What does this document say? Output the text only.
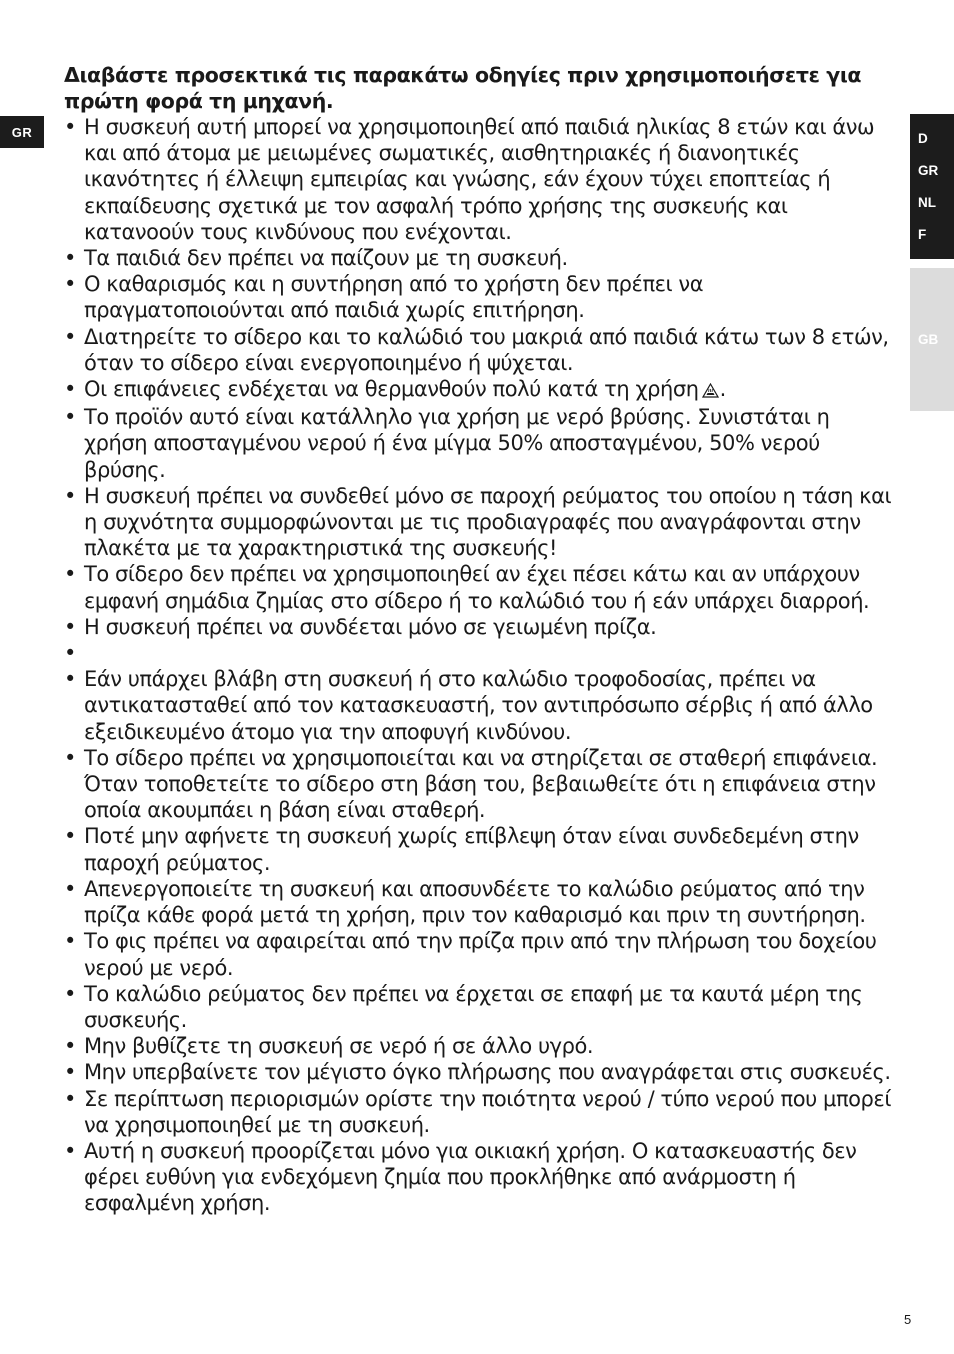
GR	D
GR
NL
F
GB
Διαβάστε προσεκτικά τις παρακάτω οδηγίες πριν χρησιμοποιήσετε για πρώτη φορά τη μηχανή.
• Η συσκευή αυτή μπορεί να χρησιμοποιηθεί από παιδιά ηλικίας 8 ετών και άνω και από άτομα με μειωμένες σωματικές, αισθητηριακές ή διανοητικές ικανότητες ή έλλειψη εμπειρίας και γνώσης, εάν έχουν τύχει εποπτείας ή εκπαίδευσης σχετικά με τον ασφαλή τρόπο χρήσης της συσκευής και κατανοούν τους κινδύνους που ενέχονται.
• Τα παιδιά δεν πρέπει να παίζουν με τη συσκευή.
• Ο καθαρισμός και η συντήρηση από το χρήστη δεν πρέπει να πραγματοποιούνται από παιδιά χωρίς επιτήρηση.
• Διατηρείτε το σίδερο και το καλώδιό του μακριά από παιδιά κάτω των 8 ετών, όταν το σίδερο είναι ενεργοποιημένο ή ψύχεται.
• Οι επιφάνειες ενδέχεται να θερμανθούν πολύ κατά τη χρήση .
• Το προϊόν αυτό είναι κατάλληλο για χρήση με νερό βρύσης. Συνιστάται η χρήση αποσταγμένου νερού ή ένα μίγμα 50% αποσταγμένου, 50% νερού βρύσης.
• Η συσκευή πρέπει να συνδεθεί μόνο σε παροχή ρεύματος του οποίου η τάση και η συχνότητα συμμορφώνονται με τις προδιαγραφές που αναγράφονται στην πλακέτα με τα χαρακτηριστικά της συσκευής!
• Το σίδερο δεν πρέπει να χρησιμοποιηθεί αν έχει πέσει κάτω και αν υπάρχουν εμφανή σημάδια ζημίας στο σίδερο ή το καλώδιό του ή εάν υπάρχει διαρροή.
• Η συσκευή πρέπει να συνδέεται μόνο σε γειωμένη πρίζα.
•
• Εάν υπάρχει βλάβη στη συσκευή ή στο καλώδιο τροφοδοσίας, πρέπει να αντικατασταθεί από τον κατασκευαστή, τον αντιπρόσωπο σέρβις ή από άλλο εξειδικευμένο άτομο για την αποφυγή κινδύνου.
• Το σίδερο πρέπει να χρησιμοποιείται και να στηρίζεται σε σταθερή επιφάνεια. Όταν τοποθετείτε το σίδερο στη βάση του, βεβαιωθείτε ότι η επιφάνεια στην οποία ακουμπάει η βάση είναι σταθερή.
• Ποτέ μην αφήνετε τη συσκευή χωρίς επίβλεψη όταν είναι συνδεδεμένη στην παροχή ρεύματος.
• Απενεργοποιείτε τη συσκευή και αποσυνδέετε το καλώδιο ρεύματος από την πρίζα κάθε φορά μετά τη χρήση, πριν τον καθαρισμό και πριν τη συντήρηση.
• Το φις πρέπει να αφαιρείται από την πρίζα πριν από την πλήρωση του δοχείου νερού με νερό.
• Το καλώδιο ρεύματος δεν πρέπει να έρχεται σε επαφή με τα καυτά μέρη της συσκευής.
• Μην βυθίζετε τη συσκευή σε νερό ή σε άλλο υγρό.
• Μην υπερβαίνετε τον μέγιστο όγκο πλήρωσης που αναγράφεται στις συσκευές.
• Σε περίπτωση περιορισμών ορίστε την ποιότητα νερού / τύπο νερού που μπορεί να χρησιμοποιηθεί με τη συσκευή.
• Αυτή η συσκευή προορίζεται μόνο για οικιακή χρήση. Ο κατασκευαστής δεν φέρει ευθύνη για ενδεχόμενη ζημία που προκλήθηκε από ανάρμοστη ή εσφαλμένη χρήση.
5
